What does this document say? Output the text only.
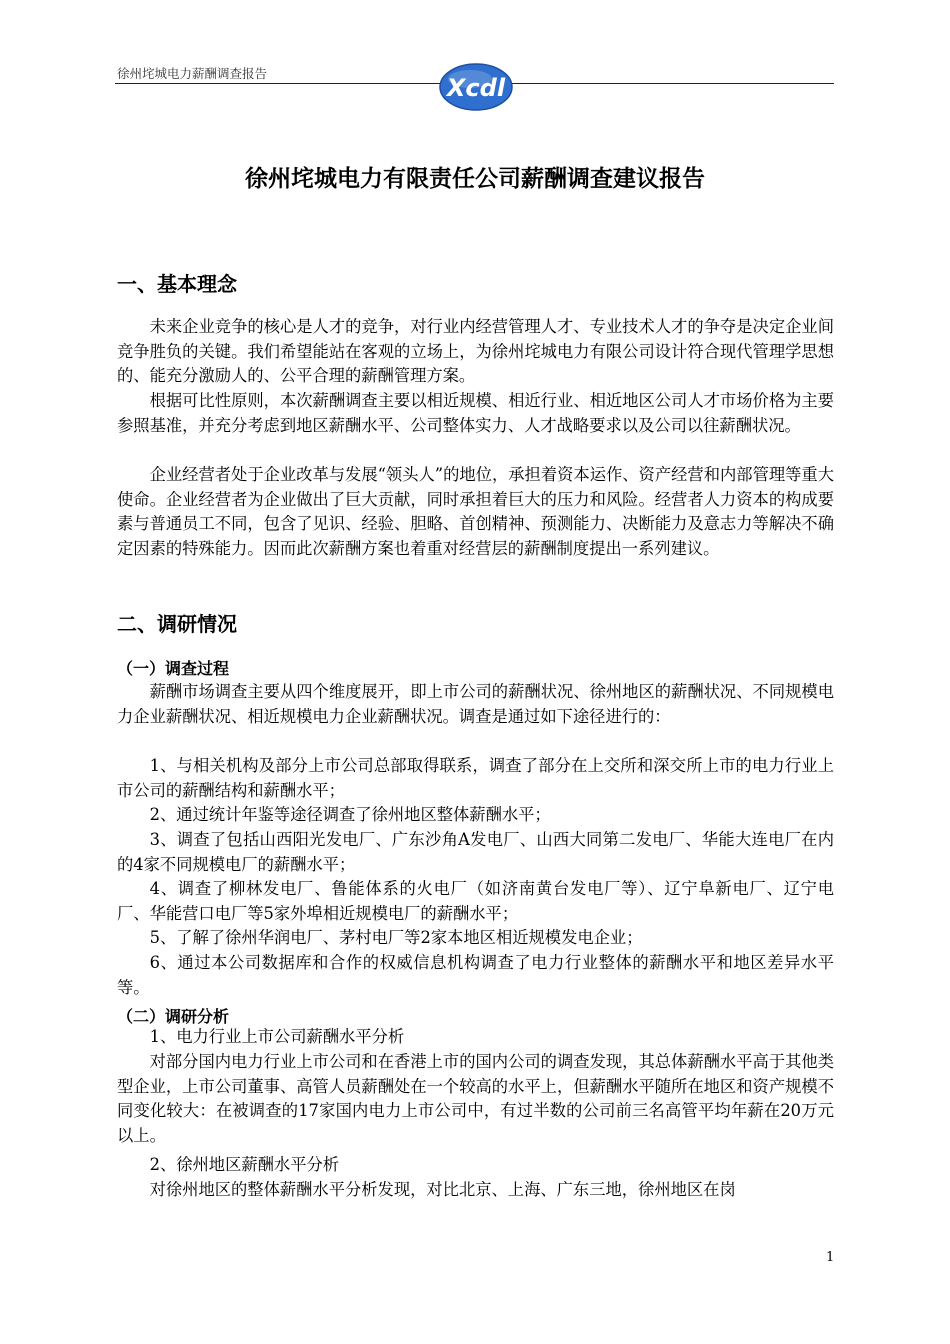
徐州垞城电力薪酬调查报告
Xcdl
徐州垞城电力有限责任公司薪酬调查建议报告
一、基本理念

未来企业竞争的核心是人才的竞争，对行业内经营管理人才、专业技术人才的争夺是决定企业间竞争胜负的关键。我们希望能站在客观的立场上，为徐州垞城电力有限公司设计符合现代管理学思想的、能充分激励人的、公平合理的薪酬管理方案。

根据可比性原则，本次薪酬调查主要以相近规模、相近行业、相近地区公司人才市场价格为主要参照基准，并充分考虑到地区薪酬水平、公司整体实力、人才战略要求以及公司以往薪酬状况。

企业经营者处于企业改革与发展“领头人”的地位，承担着资本运作、资产经营和内部管理等重大使命。企业经营者为企业做出了巨大贡献，同时承担着巨大的压力和风险。经营者人力资本的构成要素与普通员工不同，包含了见识、经验、胆略、首创精神、预测能力、决断能力及意志力等解决不确定因素的特殊能力。因而此次薪酬方案也着重对经营层的薪酬制度提出一系列建议。

二、调研情况
（一）调查过程

薪酬市场调查主要从四个维度展开，即上市公司的薪酬状况、徐州地区的薪酬状况、不同规模电力企业薪酬状况、相近规模电力企业薪酬状况。调查是通过如下途径进行的：

1、与相关机构及部分上市公司总部取得联系，调查了部分在上交所和深交所上市的电力行业上市公司的薪酬结构和薪酬水平；

2、通过统计年鉴等途径调查了徐州地区整体薪酬水平；

3、调查了包括山西阳光发电厂、广东沙角A发电厂、山西大同第二发电厂、华能大连电厂在内的4家不同规模电厂的薪酬水平；

4、调查了柳林发电厂、鲁能体系的火电厂（如济南黄台发电厂等）、辽宁阜新电厂、辽宁电厂、华能营口电厂等5家外埠相近规模电厂的薪酬水平；

5、了解了徐州华润电厂、茅村电厂等2家本地区相近规模发电企业；

6、通过本公司数据库和合作的权威信息机构调查了电力行业整体的薪酬水平和地区差异水平等。

（二）调研分析

1、电力行业上市公司薪酬水平分析

对部分国内电力行业上市公司和在香港上市的国内公司的调查发现，其总体薪酬水平高于其他类型企业，上市公司董事、高管人员薪酬处在一个较高的水平上，但薪酬水平随所在地区和资产规模不同变化较大：在被调查的17家国内电力上市公司中，有过半数的公司前三名高管平均年薪在20万元以上。

2、徐州地区薪酬水平分析

对徐州地区的整体薪酬水平分析发现，对比北京、上海、广东三地，徐州地区在岗

1
